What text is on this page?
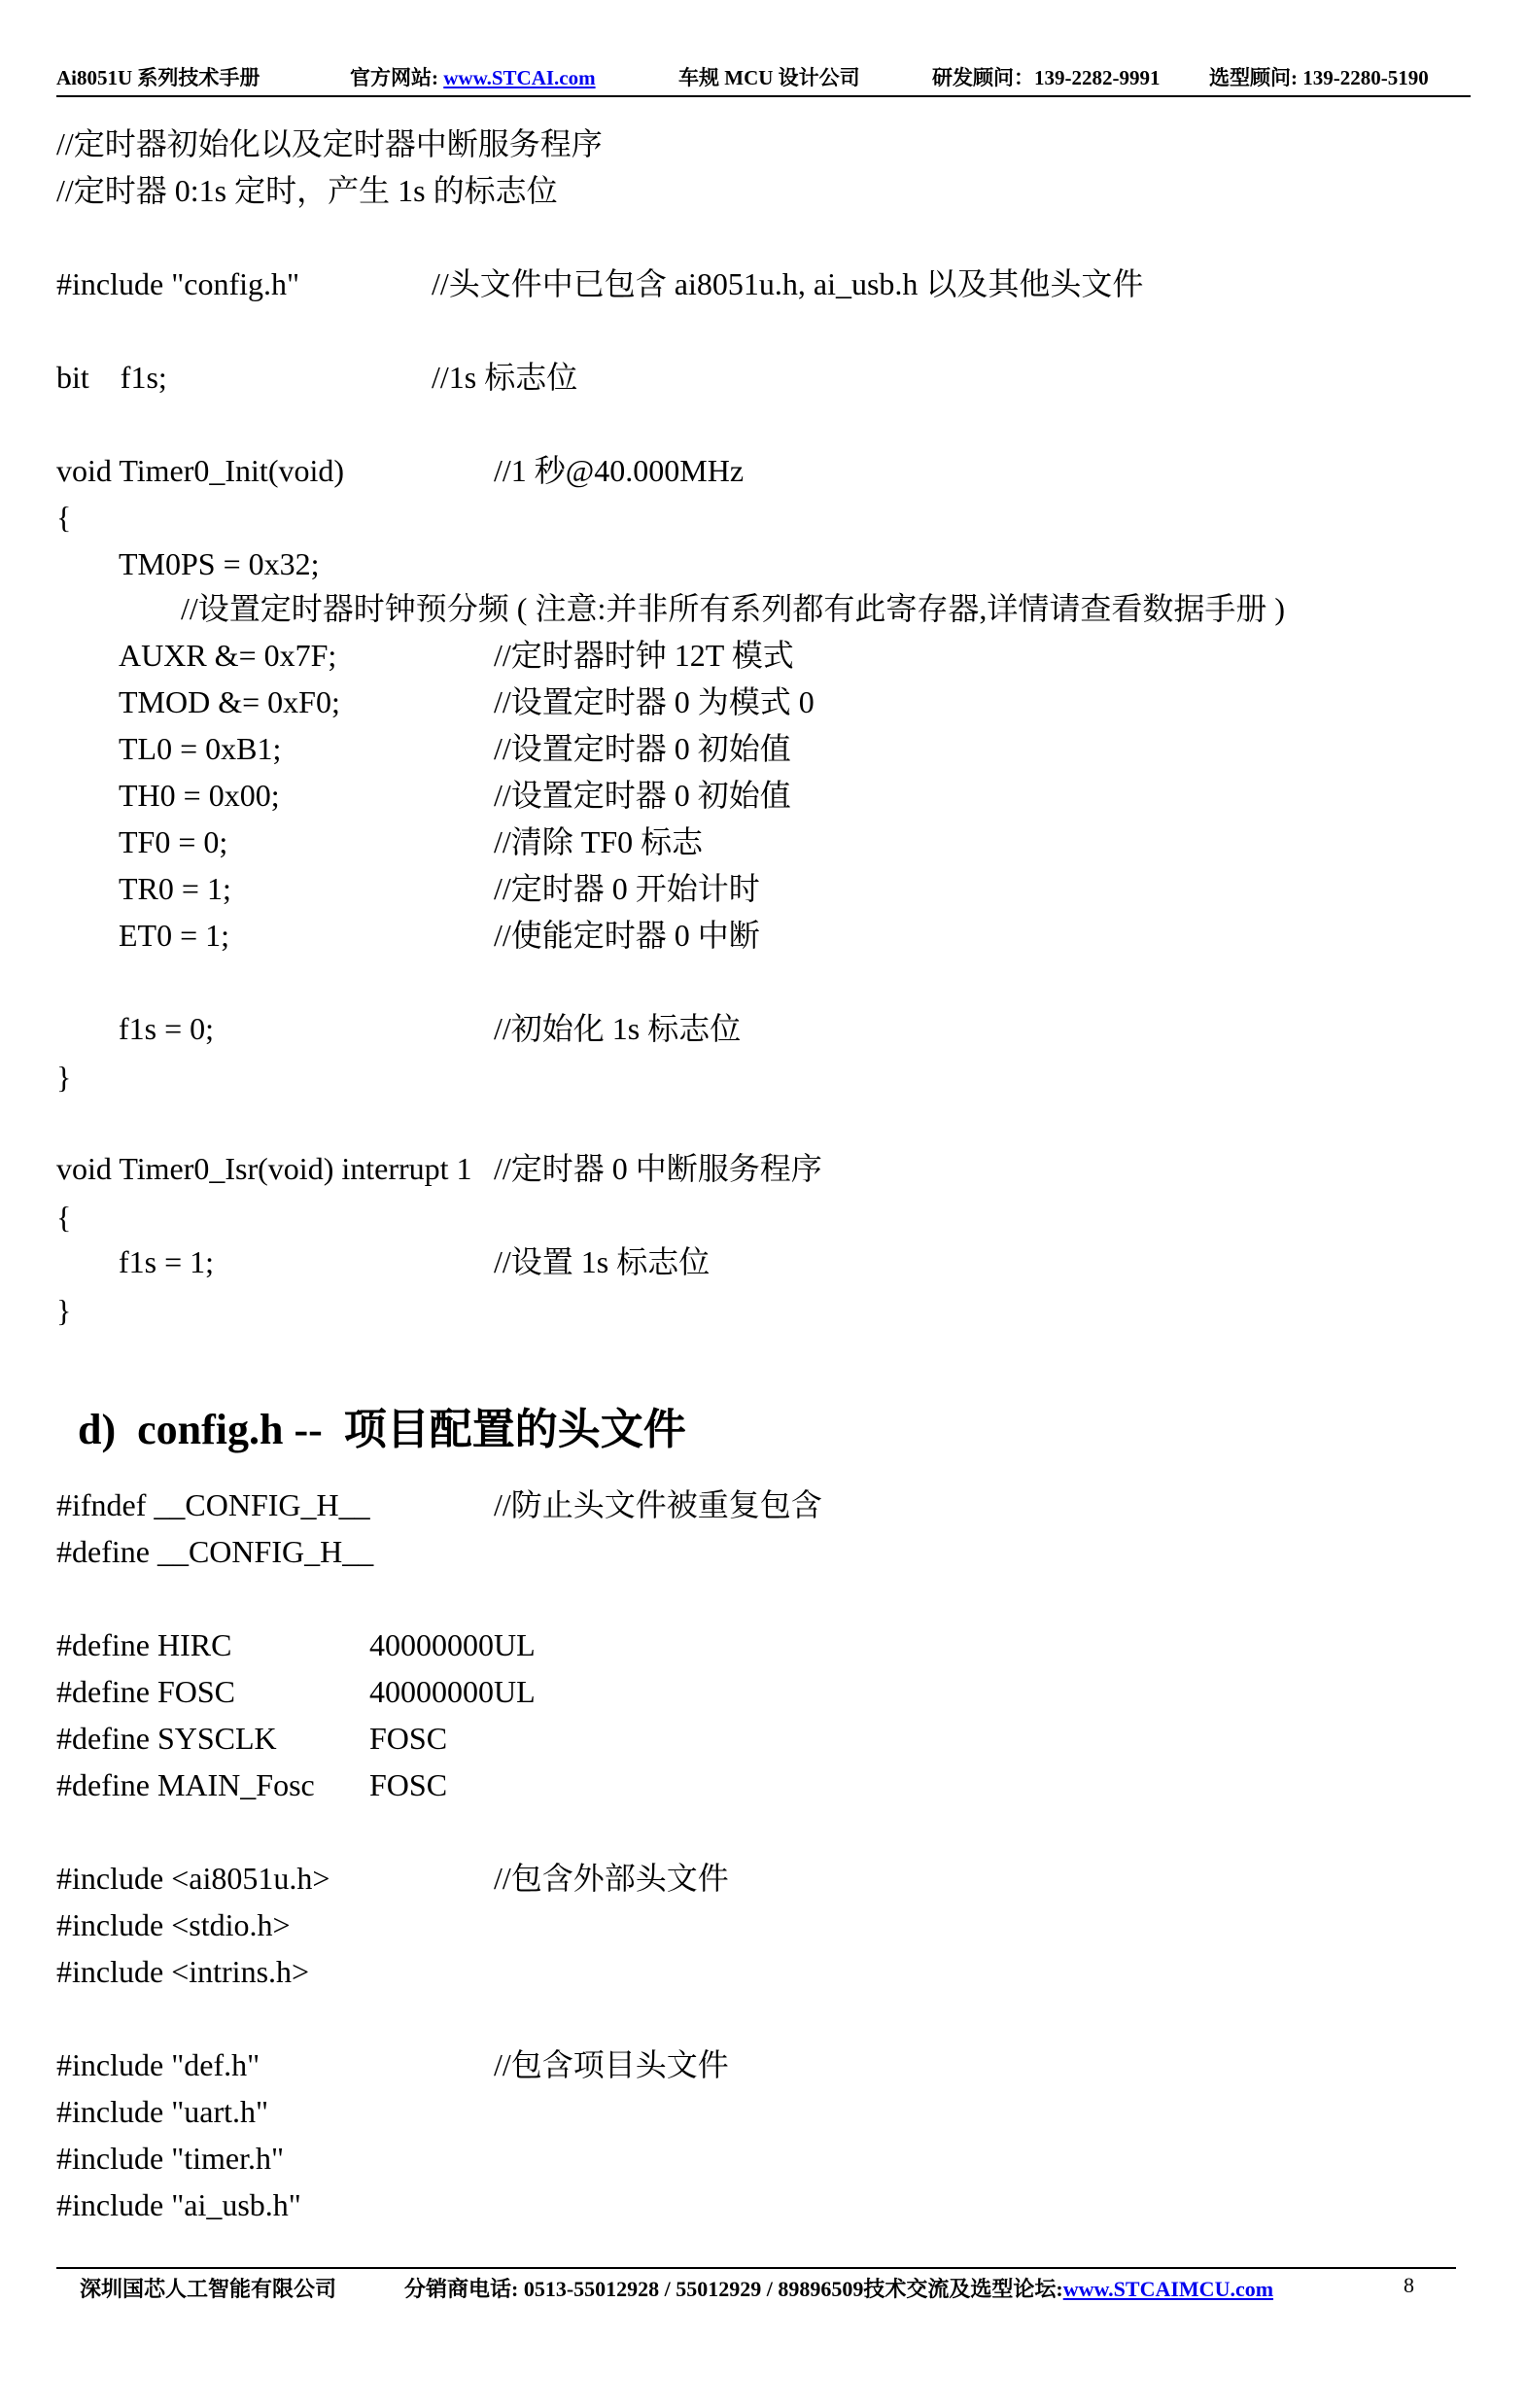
Ai8051U 系列技术手册	官方网站: www.STCAI.com	车规 MCU 设计公司	研发顾问：139-2282-9991 选型顾问: 139-2280-5190
//定时器初始化以及定时器中断服务程序
//定时器 0:1s 定时，产生 1s 的标志位
#include "config.h"	//头文件中已包含 ai8051u.h, ai_usb.h 以及其他头文件
bit    f1s;	//1s 标志位
void Timer0_Init(void)	//1 秒@40.000MHz
{
TM0PS = 0x32;
//设置定时器时钟预分频 ( 注意:并非所有系列都有此寄存器,详情请查看数据手册 )
AUXR &= 0x7F;	//定时器时钟 12T 模式
TMOD &= 0xF0;	//设置定时器 0 为模式 0
TL0 = 0xB1;	//设置定时器 0 初始值
TH0 = 0x00;	//设置定时器 0 初始值
TF0 = 0;	//清除 TF0 标志
TR0 = 1;	//定时器 0 开始计时
ET0 = 1;	//使能定时器 0 中断
f1s = 0;	//初始化 1s 标志位
}
void Timer0_Isr(void) interrupt 1 //定时器 0 中断服务程序
{
f1s = 1;	//设置 1s 标志位
}
d)  config.h --  项目配置的头文件
#ifndef __CONFIG_H__	//防止头文件被重复包含
#define __CONFIG_H__
#define HIRC	40000000UL
#define FOSC	40000000UL
#define SYSCLK	FOSC
#define MAIN_Fosc FOSC
#include <ai8051u.h>	//包含外部头文件
#include <stdio.h>
#include <intrins.h>
#include "def.h"	//包含项目头文件
#include "uart.h"
#include "timer.h"
#include "ai_usb.h"
深圳国芯人工智能有限公司	分销商电话: 0513-55012928 / 55012929 / 89896509技术交流及选型论坛:www.STCAIMCU.com	8
